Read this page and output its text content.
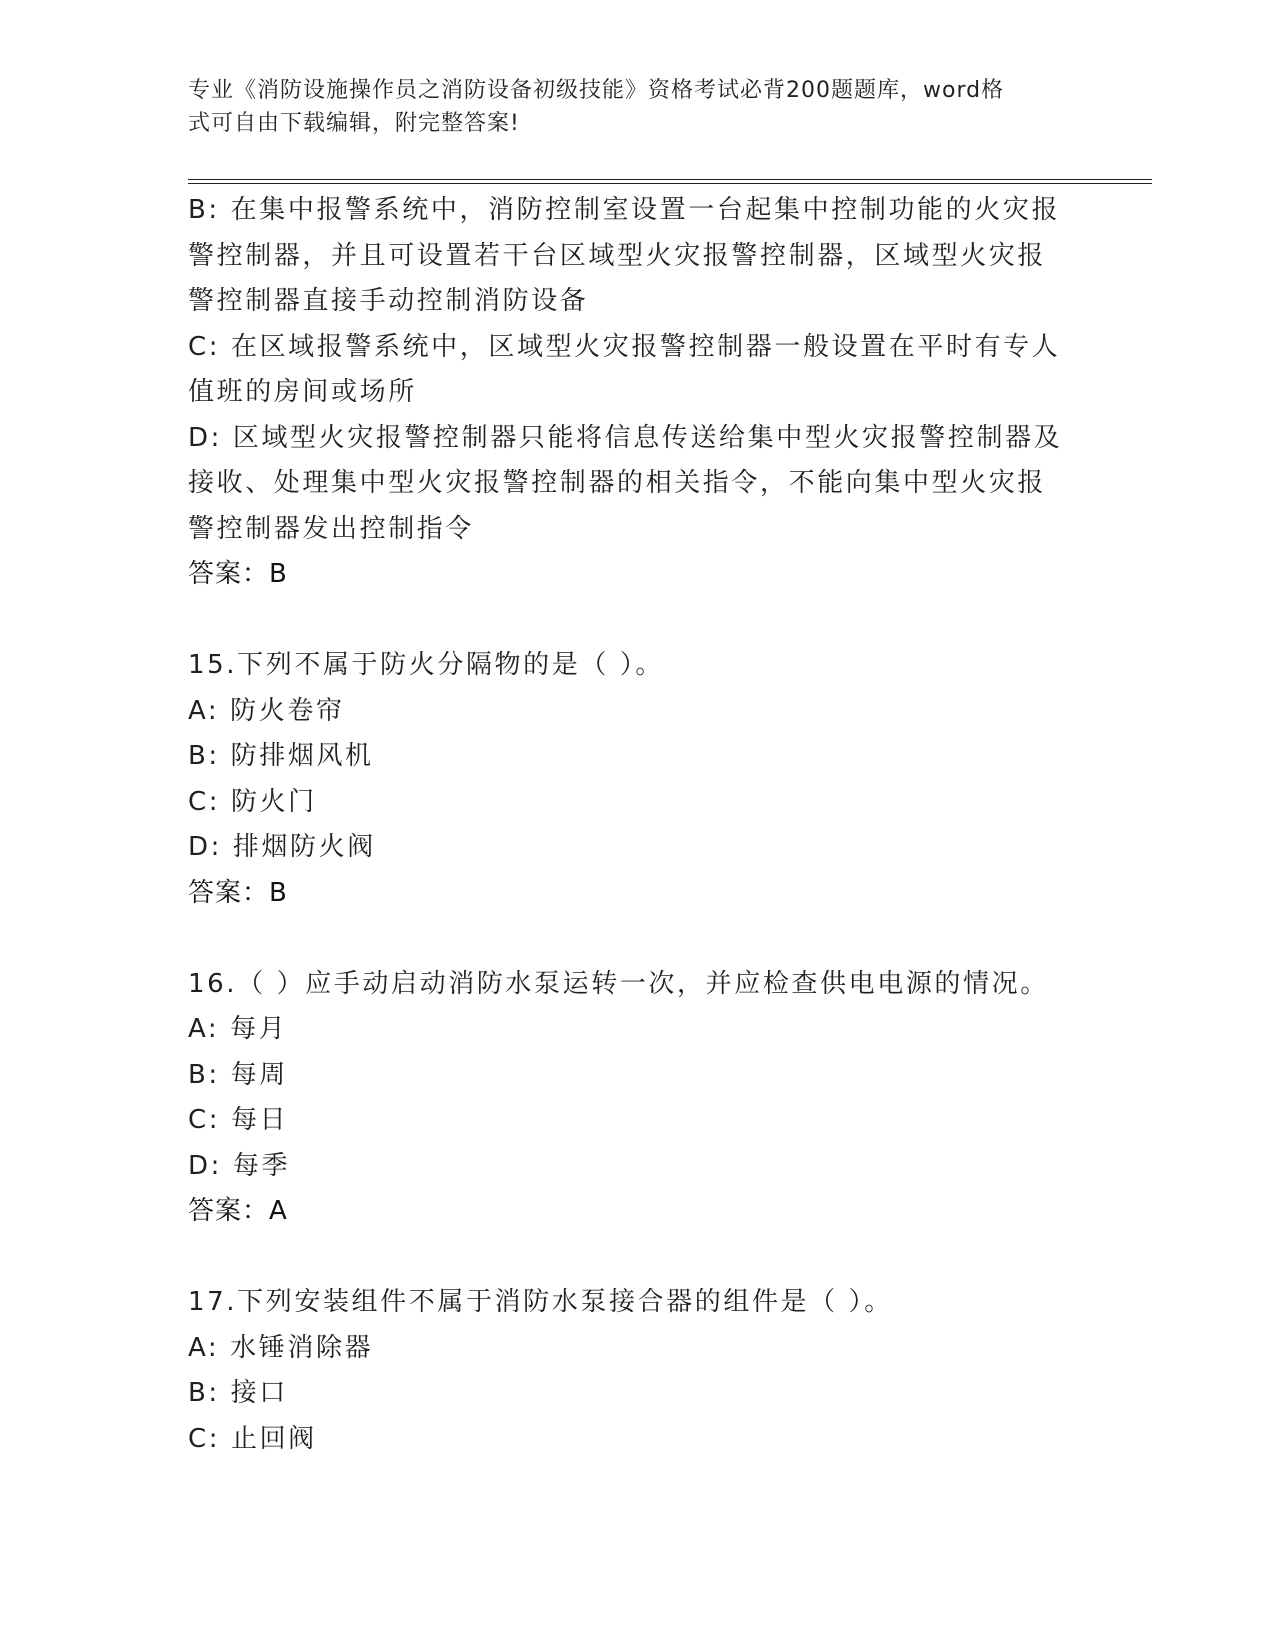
专业《消防设施操作员之消防设备初级技能》资格考试必背200题题库，word格
式可自由下载编辑，附完整答案!
B: 在集中报警系统中，消防控制室设置一台起集中控制功能的火灾报
警控制器，并且可设置若干台区域型火灾报警控制器，区域型火灾报
警控制器直接手动控制消防设备
C: 在区域报警系统中，区域型火灾报警控制器一般设置在平时有专人
值班的房间或场所
D: 区域型火灾报警控制器只能将信息传送给集中型火灾报警控制器及
接收、处理集中型火灾报警控制器的相关指令，不能向集中型火灾报
警控制器发出控制指令
答案：B
15.下列不属于防火分隔物的是（ ）。
A: 防火卷帘
B: 防排烟风机
C: 防火门
D: 排烟防火阀
答案：B
16.（ ）应手动启动消防水泵运转一次，并应检查供电电源的情况。
A: 每月
B: 每周
C: 每日
D: 每季
答案：A
17.下列安装组件不属于消防水泵接合器的组件是（ ）。
A: 水锤消除器
B: 接口
C: 止回阀
